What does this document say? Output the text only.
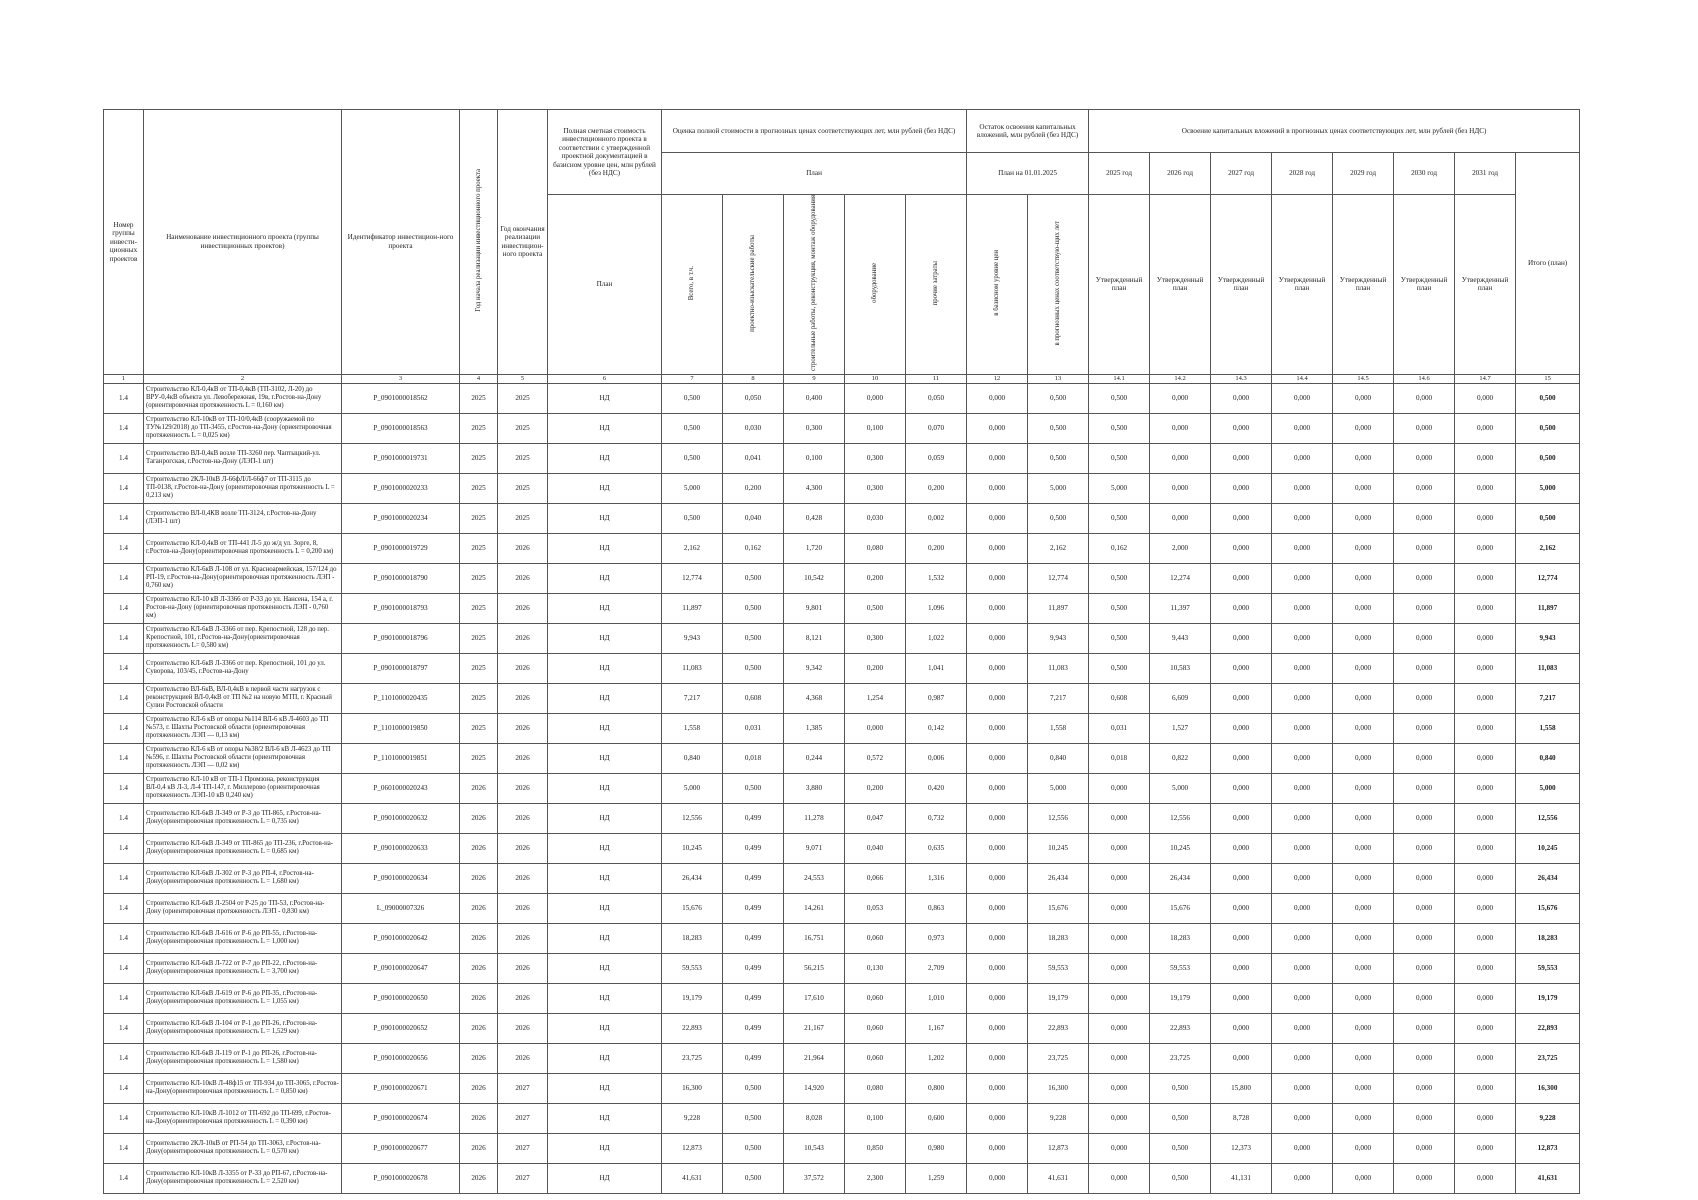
Номер группы инвести-ционных проектов	Наименование инвестиционного проекта (группы инвестиционных проектов)	Идентификатор инвестицион-ного проекта	Год начала реализации инвестиционного проекта	Год окончания реализации инвестицион-ного проекта	Полная сметная стоимость инвестиционного проекта в соответствии с утвержденной проектной документацией в базисном уровне цен, млн рублей (без НДС)	Оценка полной стоимости в прогнозных ценах соответствующих лет, млн рублей (без НДС)					Остаток освоения капитальных вложений, млн рублей (без НДС)		Освоение капитальных вложений в прогнозных ценах соответствующих лет, млн рублей (без НДС)							
						План					План на 01.01.2025		2025 год	2026 год	2027 год	2028 год	2029 год	2030 год	2031 год	Итого (план)
					План	Всего, в т.ч.	проектно-изыскательские работы	строительные работы, реконструкция, монтаж оборудования	оборудование	прочие затраты	в базисном уровне цен	в прогнозных ценах соответствую-щих лет	Утвержденный план	Утвержденный план	Утвержденный план	Утвержденный план	Утвержденный план	Утвержденный план	Утвержденный план	
1	2	3	4	5	6	7	8	9	10	11	12	13	14.1	14.2	14.3	14.4	14.5	14.6	14.7	15
1.4	Строительство КЛ-0,4кВ от ТП-0,4кВ (ТП-3102, Л-20) до ВРУ-0,4кВ объекта ул. Левобережная, 19в, г.Ростов-на-Дону (ориентировочная протяженность L = 0,160 км)	P_0901000018562	2025	2025	НД	0,500	0,050	0,400	0,000	0,050	0,000	0,500	0,500	0,000	0,000	0,000	0,000	0,000	0,000	0,500
1.4	Строительство КЛ-10кВ от ТП-10/0,4кВ (сооружаемой по ТУ№129/2018) до ТП-3455, г.Ростов-на-Дону (ориентировочная протяженность L = 0,025 км)	P_0901000018563	2025	2025	НД	0,500	0,030	0,300	0,100	0,070	0,000	0,500	0,500	0,000	0,000	0,000	0,000	0,000	0,000	0,500
1.4	Строительство ВЛ-0,4кВ возле ТП-3260 пер. Чаптыцкий-ул. Таганрогская, г.Ростов-на-Дону (ЛЭП-1 шт)	P_0901000019731	2025	2025	НД	0,500	0,041	0,100	0,300	0,059	0,000	0,500	0,500	0,000	0,000	0,000	0,000	0,000	0,000	0,500
1.4	Строительство 2КЛ-10кВ Л-66фЛ/Л-66ф7 от ТП-3115 до ТП-0138, г.Ростов-на-Дону (ориентировочная протяженность L = 0,213 км)	P_0901000020233	2025	2025	НД	5,000	0,200	4,300	0,300	0,200	0,000	5,000	5,000	0,000	0,000	0,000	0,000	0,000	0,000	5,000
1.4	Строительство ВЛ-0,4КВ возле ТП-3124, г.Ростов-на-Дону (ЛЭП-1 шт)	P_0901000020234	2025	2025	НД	0,500	0,040	0,428	0,030	0,002	0,000	0,500	0,500	0,000	0,000	0,000	0,000	0,000	0,000	0,500
1.4	Строительство КЛ-0,4кВ от ТП-441 Л-5 до ж/д ул. Зорге, 8, г.Ростов-на-Дону(ориентировочная протяженность L = 0,200 км)	P_0901000019729	2025	2026	НД	2,162	0,162	1,720	0,080	0,200	0,000	2,162	0,162	2,000	0,000	0,000	0,000	0,000	0,000	2,162
1.4	Строительство КЛ-6кВ Л-108 от ул. Красноармейская, 157/124 до РП-19, г.Ростов-на-Дону(ориентировочная протяженность ЛЭП - 0,760 км)	P_0901000018790	2025	2026	НД	12,774	0,500	10,542	0,200	1,532	0,000	12,774	0,500	12,274	0,000	0,000	0,000	0,000	0,000	12,774
1.4	Строительство КЛ-10 кВ Л-3366 от Р-33 до ул. Нансена, 154 а, г. Ростов-на-Дону (ориентировочная протяженность ЛЭП - 0,760 км)	P_0901000018793	2025	2026	НД	11,897	0,500	9,801	0,500	1,096	0,000	11,897	0,500	11,397	0,000	0,000	0,000	0,000	0,000	11,897
1.4	Строительство КЛ-6кВ Л-3366 от пер. Крепостной, 128 до пер. Крепостной, 101, г.Ростов-на-Дону(ориентировочная протяженность L= 0,580 км)	P_0901000018796	2025	2026	НД	9,943	0,500	8,121	0,300	1,022	0,000	9,943	0,500	9,443	0,000	0,000	0,000	0,000	0,000	9,943
1.4	Строительство КЛ-6кВ Л-3366 от пер. Крепостной, 101 до ул. Суворова, 103/45, г.Ростов-на-Дону	P_0901000018797	2025	2026	НД	11,083	0,500	9,342	0,200	1,041	0,000	11,083	0,500	10,583	0,000	0,000	0,000	0,000	0,000	11,083
1.4	Строительство ВЛ-6кВ, ВЛ-0,4кВ в первой части нагрузок с реконструкцией ВЛ-0,4кВ от ТП №2 на новую МТП, г. Красный Сулин Ростовской области	P_1101000020435	2025	2026	НД	7,217	0,608	4,368	1,254	0,987	0,000	7,217	0,608	6,609	0,000	0,000	0,000	0,000	0,000	7,217
1.4	Строительство КЛ-6 кВ от опоры №114 ВЛ-6 кВ Л-4603 до ТП №573, г. Шахты Ростовской области (ориентировочная протяженность ЛЭП — 0,13 км)	P_1101000019850	2025	2026	НД	1,558	0,031	1,385	0,000	0,142	0,000	1,558	0,031	1,527	0,000	0,000	0,000	0,000	0,000	1,558
1.4	Строительство КЛ-6 кВ от опоры №38/2 ВЛ-6 кВ Л-4623 до ТП №596, г. Шахты Ростовской области (ориентировочная протяженность ЛЭП — 0,02 км)	P_1101000019851	2025	2026	НД	0,840	0,018	0,244	0,572	0,006	0,000	0,840	0,018	0,822	0,000	0,000	0,000	0,000	0,000	0,840
1.4	Строительство КЛ-10 кВ от ТП-1 Промзона, реконструкция ВЛ-0,4 кВ Л-3, Л-4 ТП-147, г. Миллерово (ориентировочная протяженность ЛЭП-10 кВ 0,240 км)	P_0601000020243	2026	2026	НД	5,000	0,500	3,880	0,200	0,420	0,000	5,000	0,000	5,000	0,000	0,000	0,000	0,000	0,000	5,000
1.4	Строительство КЛ-6кВ Л-349 от Р-3 до ТП-865, г.Ростов-на-Дону(ориентировочная протяженность L = 0,735 км)	P_0901000020632	2026	2026	НД	12,556	0,499	11,278	0,047	0,732	0,000	12,556	0,000	12,556	0,000	0,000	0,000	0,000	0,000	12,556
1.4	Строительство КЛ-6кВ Л-349 от ТП-865 до ТП-236, г.Ростов-на-Дону(ориентировочная протяженность L = 0,685 км)	P_0901000020633	2026	2026	НД	10,245	0,499	9,071	0,040	0,635	0,000	10,245	0,000	10,245	0,000	0,000	0,000	0,000	0,000	10,245
1.4	Строительство КЛ-6кВ Л-302 от Р-3 до РП-4, г.Ростов-на-Дону(ориентировочная протяженность L = 1,680 км)	P_0901000020634	2026	2026	НД	26,434	0,499	24,553	0,066	1,316	0,000	26,434	0,000	26,434	0,000	0,000	0,000	0,000	0,000	26,434
1.4	Строительство КЛ-6кВ Л-2504 от Р-25 до ТП-53, г.Ростов-на-Дону (ориентировочная протяженность ЛЭП - 0,830 км)	L_09000007326	2026	2026	НД	15,676	0,499	14,261	0,053	0,863	0,000	15,676	0,000	15,676	0,000	0,000	0,000	0,000	0,000	15,676
1.4	Строительство КЛ-6кВ Л-616 от Р-6 до РП-55, г.Ростов-на-Дону(ориентировочная протяженность L = 1,000 км)	P_0901000020642	2026	2026	НД	18,283	0,499	16,751	0,060	0,973	0,000	18,283	0,000	18,283	0,000	0,000	0,000	0,000	0,000	18,283
1.4	Строительство КЛ-6кВ Л-722 от Р-7 до РП-22, г.Ростов-на-Дону(ориентировочная протяженность L = 3,700 км)	P_0901000020647	2026	2026	НД	59,553	0,499	56,215	0,130	2,709	0,000	59,553	0,000	59,553	0,000	0,000	0,000	0,000	0,000	59,553
1.4	Строительство КЛ-6кВ Л-619 от Р-6 до РП-35, г.Ростов-на-Дону(ориентировочная протяженность L = 1,055 км)	P_0901000020650	2026	2026	НД	19,179	0,499	17,610	0,060	1,010	0,000	19,179	0,000	19,179	0,000	0,000	0,000	0,000	0,000	19,179
1.4	Строительство КЛ-6кВ Л-104 от Р-1 до РП-26, г.Ростов-на-Дону(ориентировочная протяженность L = 1,529 км)	P_0901000020652	2026	2026	НД	22,893	0,499	21,167	0,060	1,167	0,000	22,893	0,000	22,893	0,000	0,000	0,000	0,000	0,000	22,893
1.4	Строительство КЛ-6кВ Л-119 от Р-1 до РП-26, г.Ростов-на-Дону(ориентировочная протяженность L = 1,580 км)	P_0901000020656	2026	2026	НД	23,725	0,499	21,964	0,060	1,202	0,000	23,725	0,000	23,725	0,000	0,000	0,000	0,000	0,000	23,725
1.4	Строительство КЛ-10кВ Л-48ф15 от ТП-934 до ТП-3065, г.Ростов-на-Дону(ориентировочная протяженность L = 0,850 км)	P_0901000020671	2026	2027	НД	16,300	0,500	14,920	0,080	0,800	0,000	16,300	0,000	0,500	15,800	0,000	0,000	0,000	0,000	16,300
1.4	Строительство КЛ-10кВ Л-1012 от ТП-692 до ТП-699, г.Ростов-на-Дону(ориентировочная протяженность L = 0,390 км)	P_0901000020674	2026	2027	НД	9,228	0,500	8,028	0,100	0,600	0,000	9,228	0,000	0,500	8,728	0,000	0,000	0,000	0,000	9,228
1.4	Строительство 2КЛ-10кВ от РП-54 до ТП-3063, г.Ростов-на-Дону(ориентировочная протяженность L = 0,570 км)	P_0901000020677	2026	2027	НД	12,873	0,500	10,543	0,850	0,980	0,000	12,873	0,000	0,500	12,373	0,000	0,000	0,000	0,000	12,873
1.4	Строительство КЛ-10кВ Л-3355 от Р-33 до РП-67, г.Ростов-на-Дону(ориентировочная протяженность L = 2,520 км)	P_0901000020678	2026	2027	НД	41,631	0,500	37,572	2,300	1,259	0,000	41,631	0,000	0,500	41,131	0,000	0,000	0,000	0,000	41,631
